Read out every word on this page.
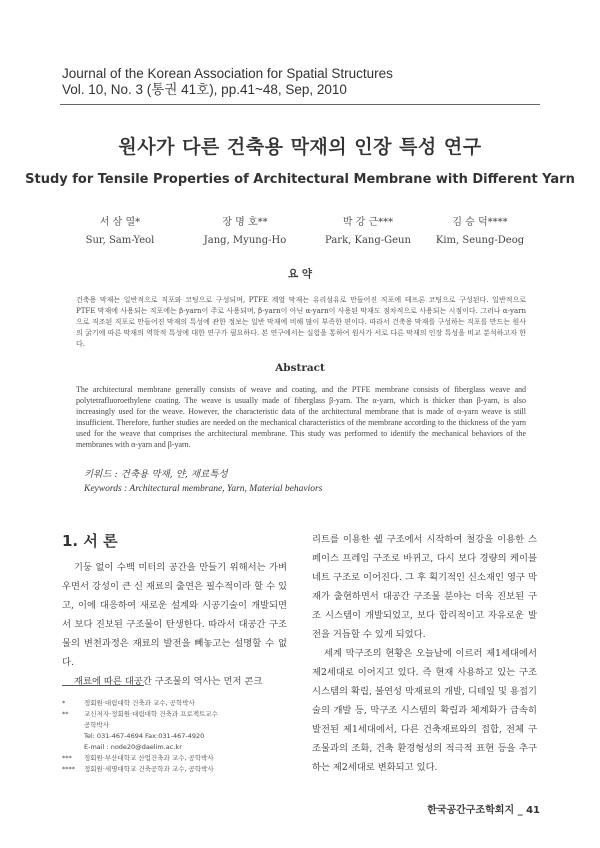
Journal of the Korean Association for Spatial Structures
Vol. 10, No. 3 (통권 41호), pp.41~48, Sep, 2010
원사가 다른 건축용 막재의 인장 특성 연구
Study for Tensile Properties of Architectural Membrane with Different Yarn
서 삼 열*
Sur, Sam-Yeol
장 명 호**
Jang, Myung-Ho
박 강 근***
Park, Kang-Geun
김 승 덕****
Kim, Seung-Deog
요 약
건축용 막재는 일반적으로 직포와 코팅으로 구성되며, PTFE 계열 막재는 유리섬유로 만들어진 직포에 테프론 코팅으로 구성된다. 일반적으로 PTFE 막재에 사용되는 직포에는 β-yarn이 주로 사용되며, β-yarn이 아닌 α-yarn이 사용된 막재도 점차적으로 사용되는 시점이다. 그러나 α-yarn으로 직조된 직포로 만들어진 막재의 특성에 관한 정보는 일반 막재에 비해 많이 부족한 편이다. 따라서 건축용 막재를 구성하는 직포를 만드는 원사의 굵기에 따른 막재의 역학적 특성에 대한 연구가 필요하다. 본 연구에서는 실험을 통하여 원사가 서로 다른 막재의 인장 특성을 비교 분석하고자 한다.
Abstract
The architectural membrane generally consists of weave and coating, and the PTFE membrane consists of fiberglass weave and polytetrafluoroethylene coating. The weave is usually made of fiberglass β-yarn. The α-yarn, which is thicker than β-yarn, is also increasingly used for the weave. However, the characteristic data of the architectural membrane that is made of α-yarn weave is still insufficient. Therefore, further studies are needed on the mechanical characteristics of the membrane according to the thickness of the yarn used for the weave that comprises the architectural membrane. This study was performed to identify the mechanical behaviors of the membranes with α-yarn and β-yarn.
키워드 : 건축용 막재, 얀, 재료특성
Keywords : Architectural membrane, Yarn, Material behaviors
1. 서 론

기둥 없이 수백 미터의 공간을 만들기 위해서는 가벼우면서 강성이 큰 신 재료의 출연은 필수적이라 할 수 있고, 이에 대응하여 새로운 설계와 시공기술이 개발되면서 보다 진보된 구조물이 탄생한다. 따라서 대공간 구조물의 변천과정은 재료의 발전을 빼놓고는 설명할 수 없다.

재료에 따른 대공간 구조물의 역사는 먼저 콘크

리트를 이용한 쉘 구조에서 시작하여 철강을 이용한 스페이스 프레임 구조로 바뀌고, 다시 보다 경량의 케이블 네트 구조로 이어진다. 그 후 획기적인 신소재인 영구 막재가 출현하면서 대공간 구조물 분야는 더욱 진보된 구조 시스템이 개발되었고, 보다 합리적이고 자유로운 발전을 거듭할 수 있게 되었다.

세계 막구조의 현황은 오늘날에 이르러 제1세대에서 제2세대로 이어지고 있다. 즉 현재 사용하고 있는 구조시스템의 확립, 불연성 막재료의 개발, 디테일 및 용접기술의 개발 등, 막구조 시스템의 확립과 체계화가 급속히 발전된 제1세대에서, 다른 건축재료와의 접합, 전체 구조물과의 조화, 건축 환경형성의 적극적 표현 등을 추구하는 제2세대로 변화되고 있다.

*	정회원·대림대학 건축과 교수, 공학박사
**	교신저자·정회원·대림대학 건축과 프로젝트교수
공학박사
Tel: 031-467-4694 Fax:031-467-4920
E-mail : node20@daelim.ac.kr
***	정회원·부산대학교 산업건축과 교수, 공학박사
****	정회원·세명대학교 건축공학과 교수, 공학박사
한국공간구조학회지 _ 41
